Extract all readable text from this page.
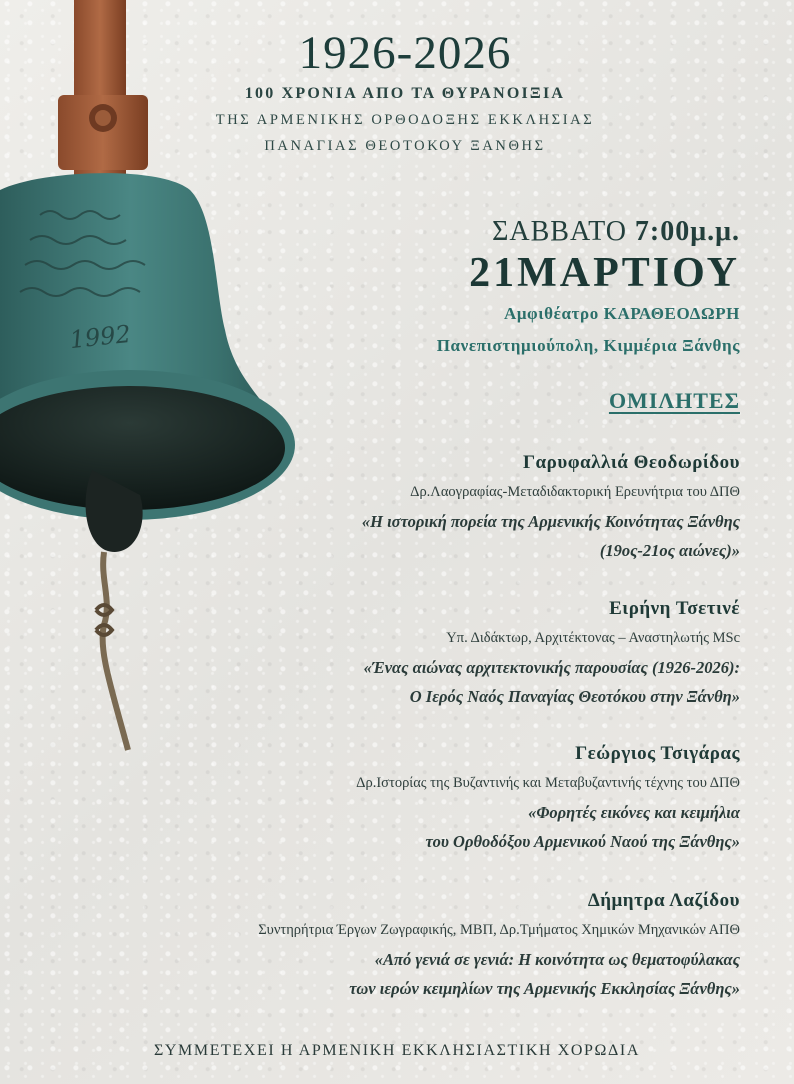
1992
1926-2026
100 ΧΡΟΝΙΑ ΑΠΟ ΤΑ ΘΥΡΑΝΟΙΞΙΑ
ΤΗΣ ΑΡΜΕΝΙΚΗΣ ΟΡΘΟΔΟΞΗΣ ΕΚΚΛΗΣΙΑΣ
ΠΑΝΑΓΙΑΣ ΘΕΟΤΟΚΟΥ ΞΑΝΘΗΣ
ΣΑΒΒΑΤΟ 7:00μ.μ.
21ΜΑΡΤΙΟΥ
Αμφιθέατρο ΚΑΡΑΘΕΟΔΩΡΗ
Πανεπιστημιούπολη, Κιμμέρια Ξάνθης
ΟΜΙΛΗΤΕΣ
Γαρυφαλλιά Θεοδωρίδου
Δρ.Λαογραφίας-Μεταδιδακτορική Ερευνήτρια του ΔΠΘ
«Η ιστορική πορεία της Αρμενικής Κοινότητας Ξάνθης
(19ος-21ος αιώνες)»
Ειρήνη Τσετινέ
Υπ. Διδάκτωρ, Αρχιτέκτονας – Αναστηλωτής MSc
«Ένας αιώνας αρχιτεκτονικής παρουσίας (1926-2026):
Ο Ιερός Ναός Παναγίας Θεοτόκου στην Ξάνθη»
Γεώργιος Τσιγάρας
Δρ.Ιστορίας της Βυζαντινής και Μεταβυζαντινής τέχνης του ΔΠΘ
«Φορητές εικόνες και κειμήλια
του Ορθοδόξου Αρμενικού Ναού της Ξάνθης»
Δήμητρα Λαζίδου
Συντηρήτρια Έργων Ζωγραφικής, ΜΒΠ, Δρ.Τμήματος Χημικών Μηχανικών ΑΠΘ
«Από γενιά σε γενιά: Η κοινότητα ως θεματοφύλακας
των ιερών κειμηλίων της Αρμενικής Εκκλησίας Ξάνθης»
ΣΥΜΜΕΤΕΧΕΙ Η ΑΡΜΕΝΙΚΗ ΕΚΚΛΗΣΙΑΣΤΙΚΗ ΧΟΡΩΔΙΑ
